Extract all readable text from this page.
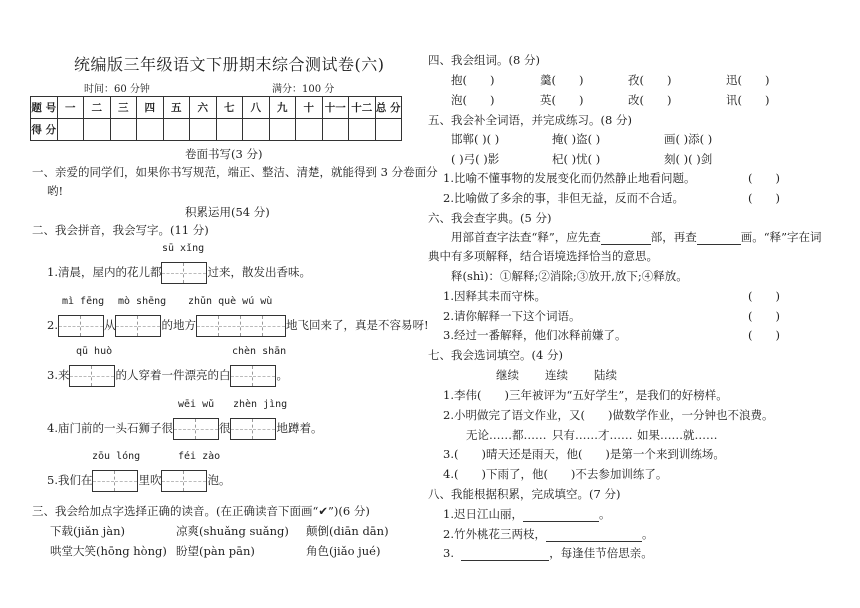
统编版三年级语文下册期末综合测试卷(六)
时间：60 分钟	满分：100 分
题 号	一	二	三	四	五	六	七	八	九	十	十一	十二	总 分
得 分													
卷面书写(3 分)
一、亲爱的同学们，如果你书写规范，端正、整洁、清楚，就能得到 3 分卷面分
哟!
积累运用(54 分)
二、我会拼音，我会写字。(11 分)
sū xǐng
1.清晨，屋内的花儿都	过来，散发出香味。
mì fēng mò shēng zhǔn què wú wù
2.	从	的地方	地飞回来了，真是不容易呀!
qū huò	chèn shān
3.来	的人穿着一件漂亮的白	。
wēi wǔ zhèn jìng
4.庙门前的一头石狮子很	很	地蹲着。
zōu lóng	féi zào
5.我们在	里吹	泡。
三、我会给加点字选择正确的读音。(在正确读音下面画“✔”)(6 分)
下载(jiǎn jàn)	凉爽(shuǎng suǎng) 颠倒(diān dān)
哄堂大笑(hōng hòng) 盼望(pàn pān)	角色(jiǎo jué)
四、我会组词。(8 分)
抱(　　)	羹(　　)	孜(　　)	迅(　　)
泡(　　)	英(　　)	改(　　)	讯(　　)
五、我会补全词语，并完成练习。(8 分)
邯郸( )( )	掩( )盗( )	画( )添( )
( )弓( )影	杞( )忧( )	刻( )( )剑
1.比喻不懂事物的发展变化而仍然静止地看问题。	(　　)
2.比喻做了多余的事，非但无益，反而不合适。	(　　)
六、我会查字典。(5 分)
用部首查字法查“释”，应先查	部，再查	画。“释”字在词
典中有多项解释，结合语境选择恰当的意思。
释(shì)：①解释;②消除;③放开,放下;④释放。
1.因释其耒而守株。	(　　)
2.请你解释一下这个词语。	(　　)
3.经过一番解释，他们冰释前嫌了。	(　　)
七、我会选词填空。(4 分)
继续 连续 陆续
1.李伟(　　)三年被评为“五好学生”，是我们的好榜样。
2.小明做完了语文作业，又(　　)做数学作业，一分钟也不浪费。
无论……都…… 只有……才…… 如果……就……
3.(　　)晴天还是雨天，他(　　)是第一个来到训练场。
4.(　　)下雨了，他(　　)不去参加训练了。
八、我能根据积累，完成填空。(7 分)
1.迟日江山丽，	。
2.竹外桃花三两枝，	。
3.	，每逢佳节倍思亲。
